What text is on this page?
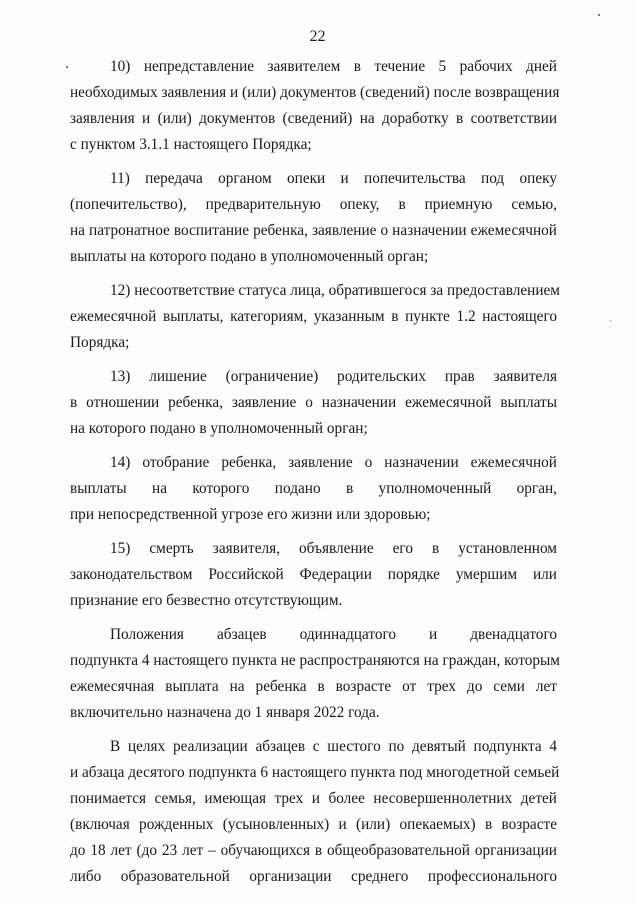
22

10) непредставление заявителем в течение 5 рабочих дней
необходимых заявления и (или) документов (сведений) после возвращения
заявления и (или) документов (сведений) на доработку в соответствии
с пунктом 3.1.1 настоящего Порядка;

11) передача органом опеки и попечительства под опеку
(попечительство), предварительную опеку, в приемную семью,
на патронатное воспитание ребенка, заявление о назначении ежемесячной
выплаты на которого подано в уполномоченный орган;

12) несоответствие статуса лица, обратившегося за предоставлением
ежемесячной выплаты, категориям, указанным в пункте 1.2 настоящего
Порядка;

13) лишение (ограничение) родительских прав заявителя
в отношении ребенка, заявление о назначении ежемесячной выплаты
на которого подано в уполномоченный орган;

14) отобрание ребенка, заявление о назначении ежемесячной
выплаты на которого подано в уполномоченный орган,
при непосредственной угрозе его жизни или здоровью;

15) смерть заявителя, объявление его в установленном
законодательством Российской Федерации порядке умершим или
признание его безвестно отсутствующим.

Положения абзацев одиннадцатого и двенадцатого
подпункта 4 настоящего пункта не распространяются на граждан, которым
ежемесячная выплата на ребенка в возрасте от трех до семи лет
включительно назначена до 1 января 2022 года.

В целях реализации абзацев с шестого по девятый подпункта 4
и абзаца десятого подпункта 6 настоящего пункта под многодетной семьей
понимается семья, имеющая трех и более несовершеннолетних детей
(включая рожденных (усыновленных) и (или) опекаемых) в возрасте
до 18 лет (до 23 лет – обучающихся в общеобразовательной организации
либо образовательной организации среднего профессионального
